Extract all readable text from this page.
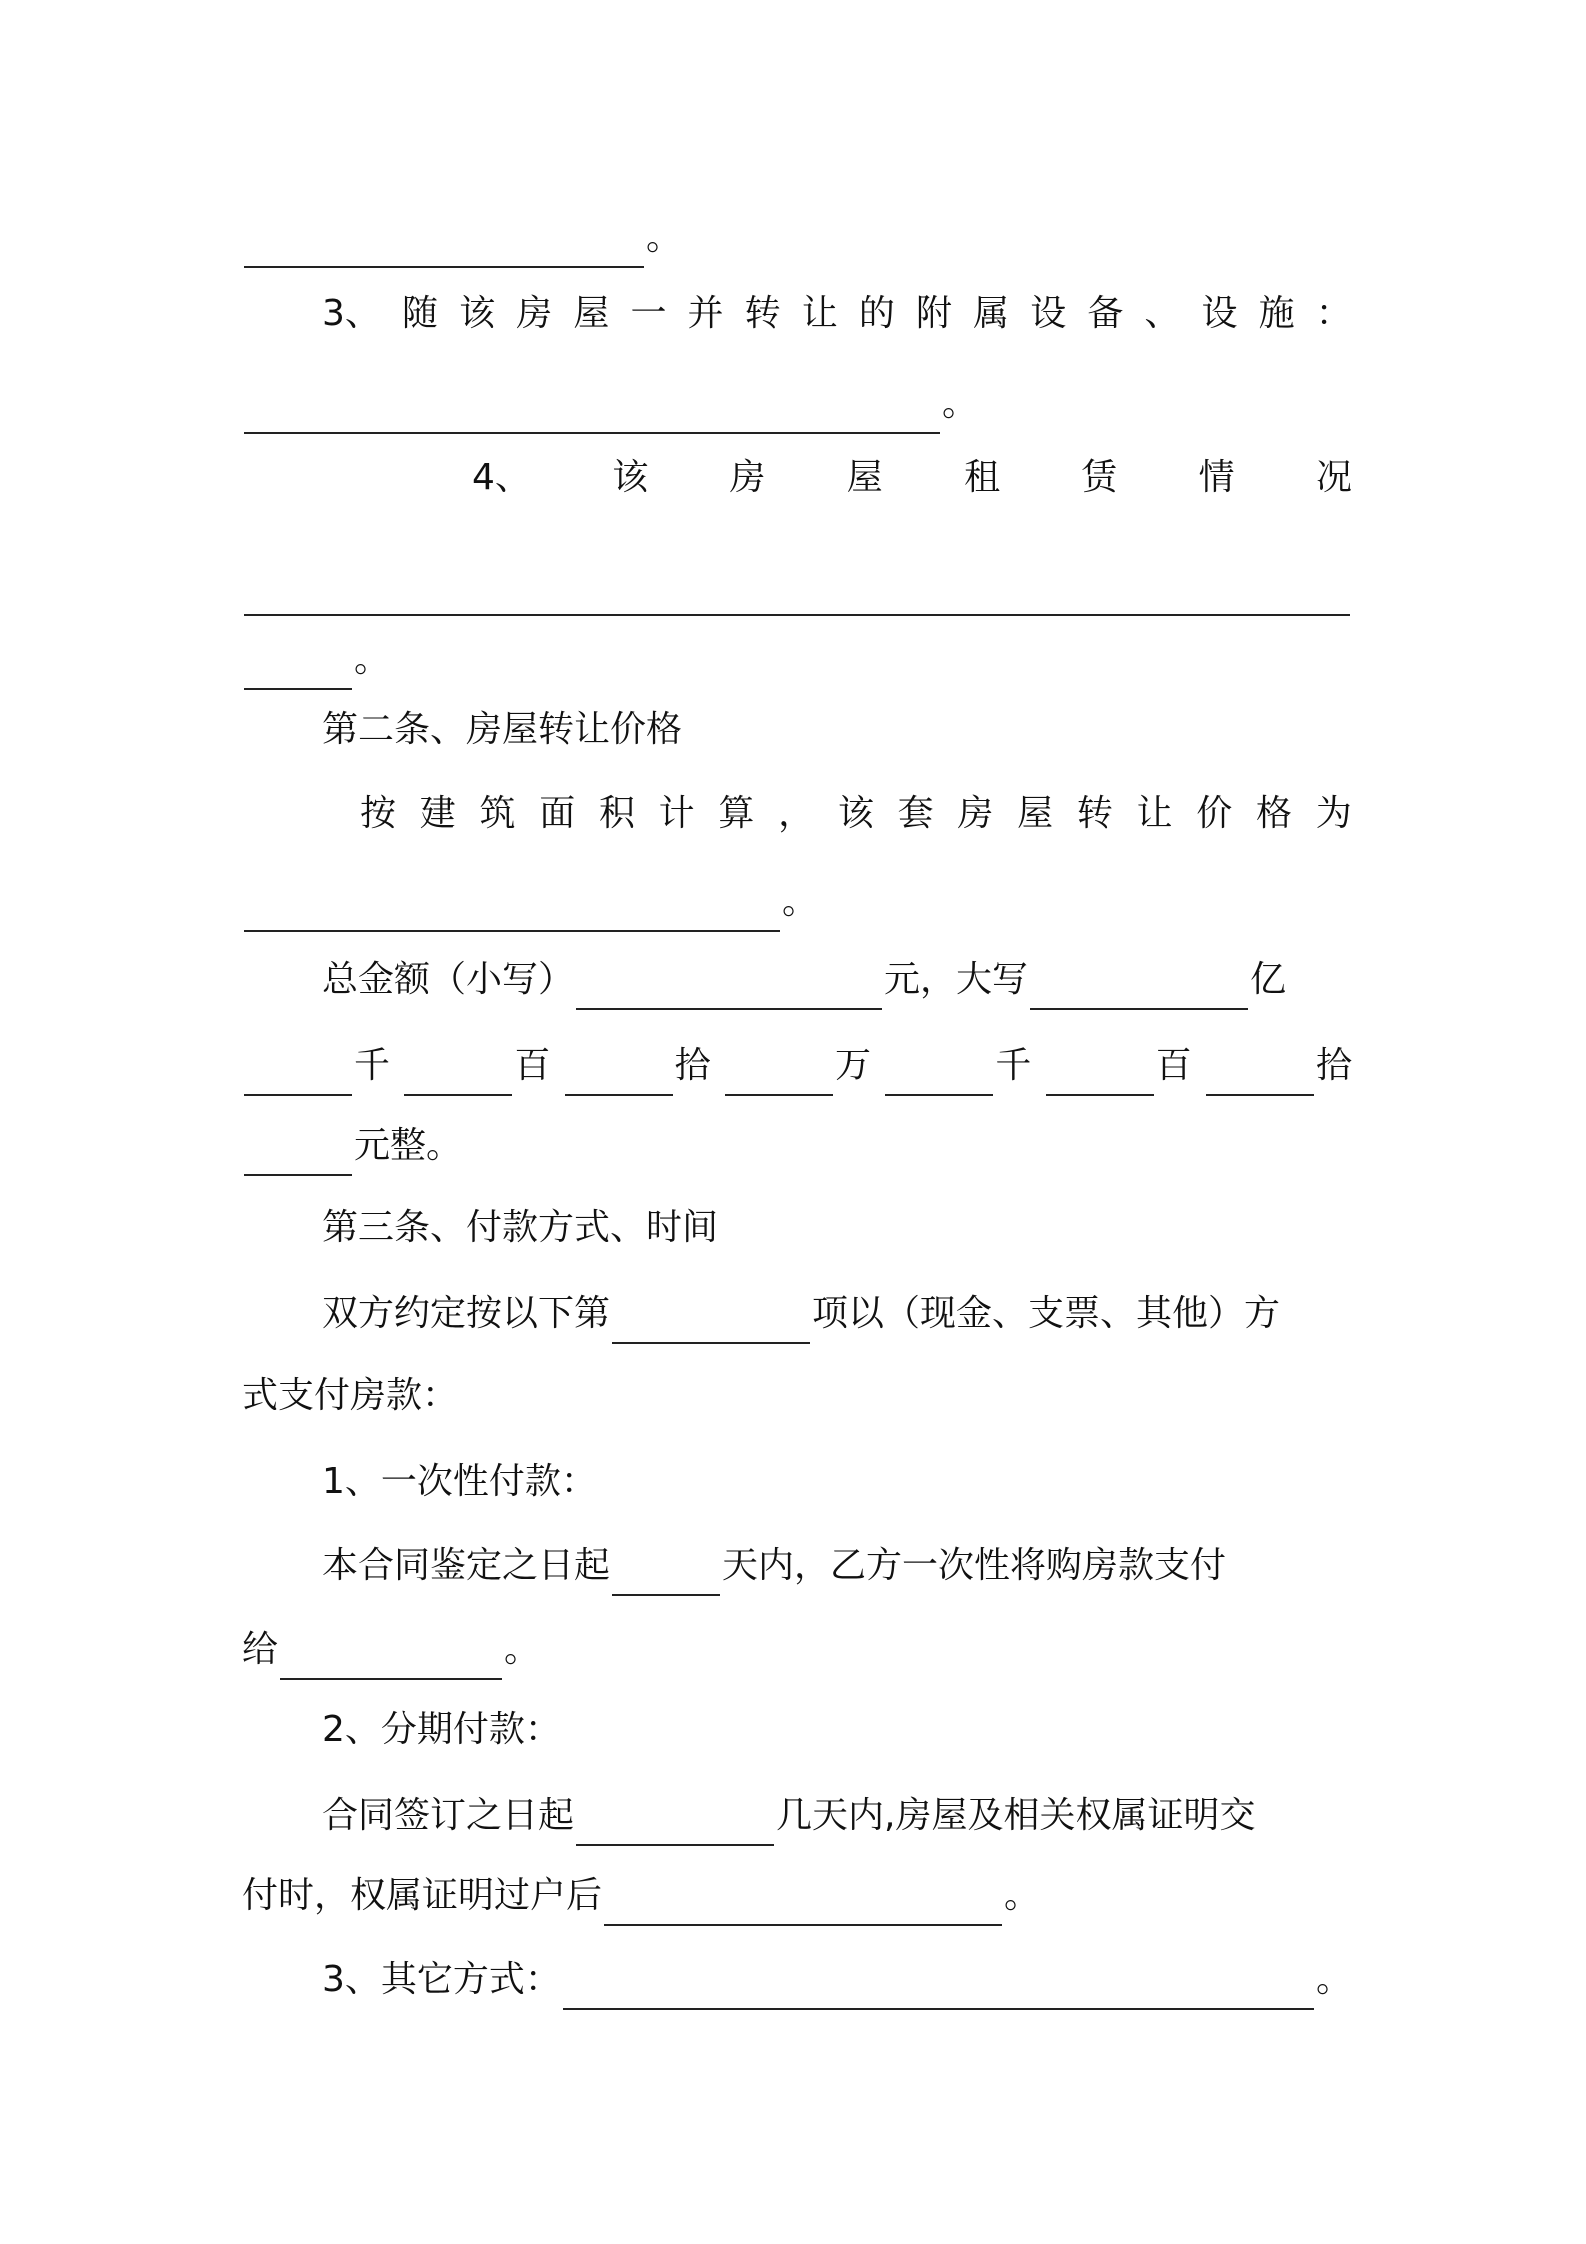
。
3、 随 该 房 屋 一 并 转 让 的 附 属 设 备 、 设 施 ：
。
4、 该 房 屋 租 赁 情 况
。
第二条、房屋转让价格
按 建 筑 面 积 计 算 ， 该 套 房 屋 转 让 价 格 为
。
总金额（小写）	元，大写	亿
千	百	拾	万	千	百	拾
元整。
第三条、付款方式、时间
双方约定按以下第	项以（现金、支票、其他）方
式支付房款：
1、一次性付款：
本合同鉴定之日起	天内，乙方一次性将购房款支付
给	。
2、分期付款：
合同签订之日起	几天内,房屋及相关权属证明交
付时，权属证明过户后	。
3、其它方式：	。
